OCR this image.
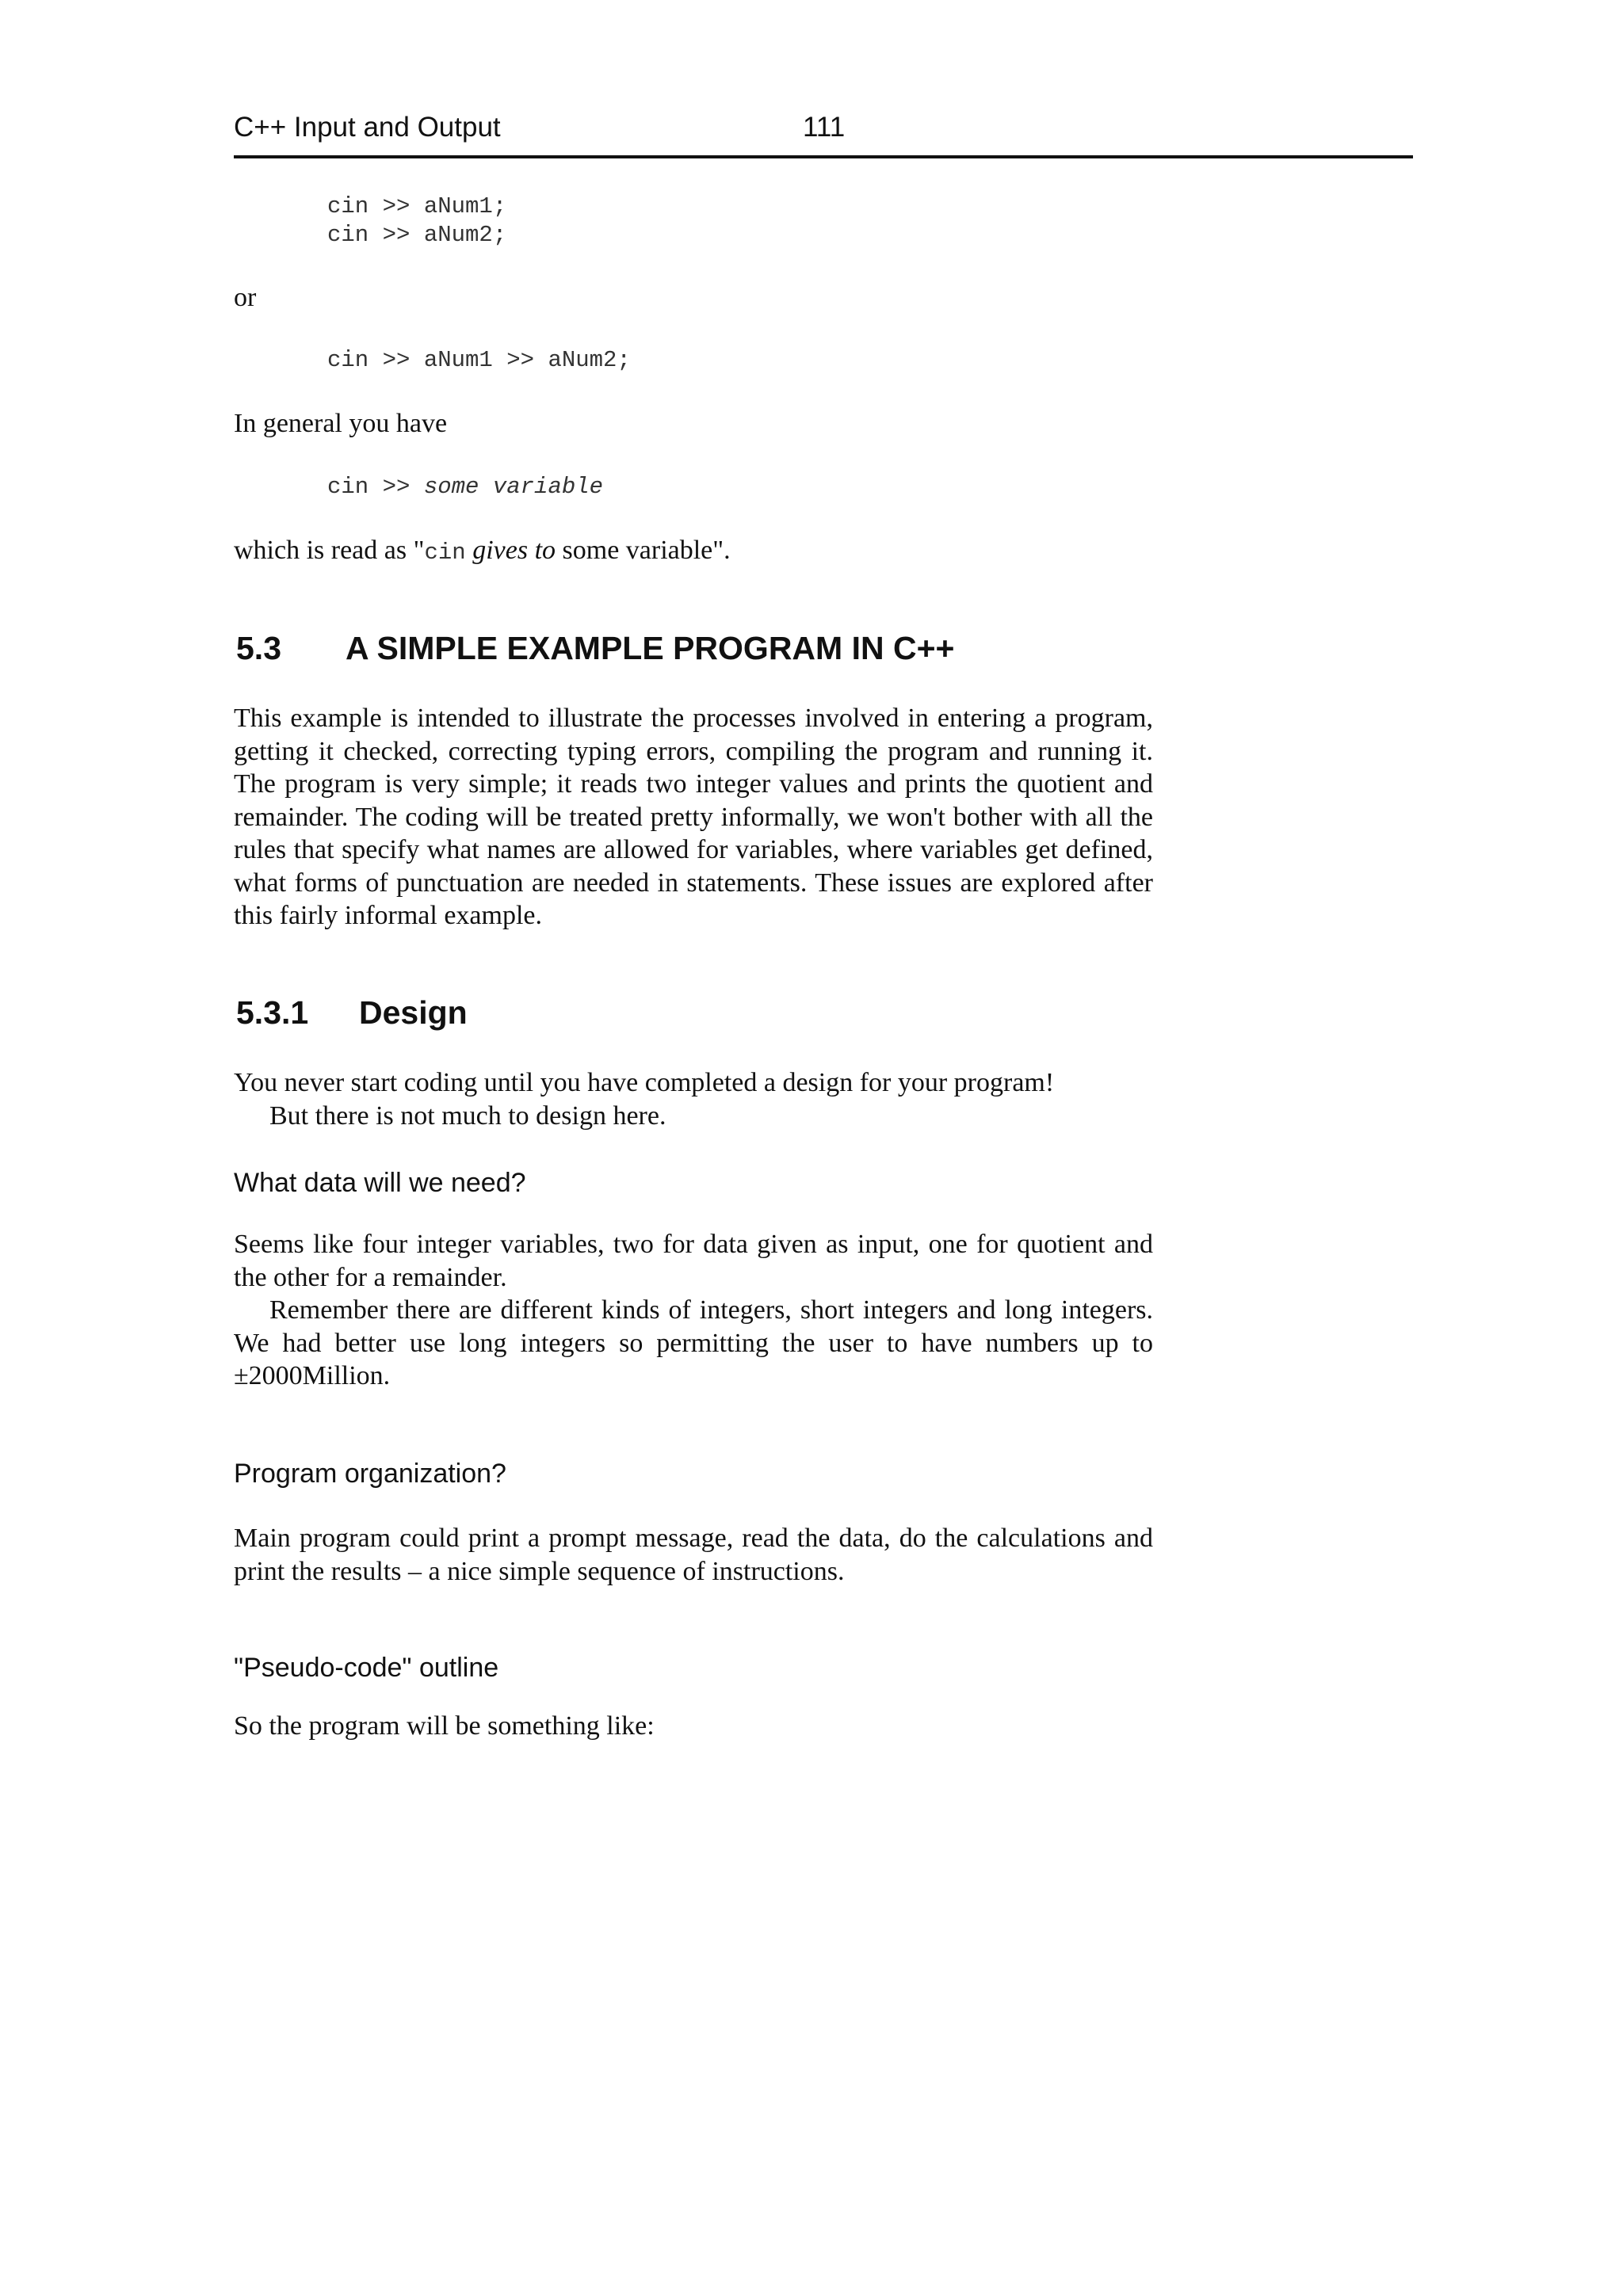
C++ Input and Output	111
cin >> aNum1;
cin >> aNum2;
or
cin >> aNum1 >> aNum2;
In general you have
cin >> some variable
which is read as "cin gives to some variable".
5.3 A SIMPLE EXAMPLE PROGRAM IN C++

This example is intended to illustrate the processes involved in entering a program, getting it checked, correcting typing errors, compiling the program and running it. The program is very simple; it reads two integer values and prints the quotient and remainder. The coding will be treated pretty informally, we won't bother with all the rules that specify what names are allowed for variables, where variables get defined, what forms of punctuation are needed in statements. These issues are explored after this fairly informal example.

5.3.1 Design

You never start coding until you have completed a design for your program!

But there is not much to design here.

What data will we need?

Seems like four integer variables, two for data given as input, one for quotient and the other for a remainder.

Remember there are different kinds of integers, short integers and long integers. We had better use long integers so permitting the user to have numbers up to ±2000Million.

Program organization?

Main program could print a prompt message, read the data, do the calculations and print the results – a nice simple sequence of instructions.

"Pseudo-code" outline

So the program will be something like:
